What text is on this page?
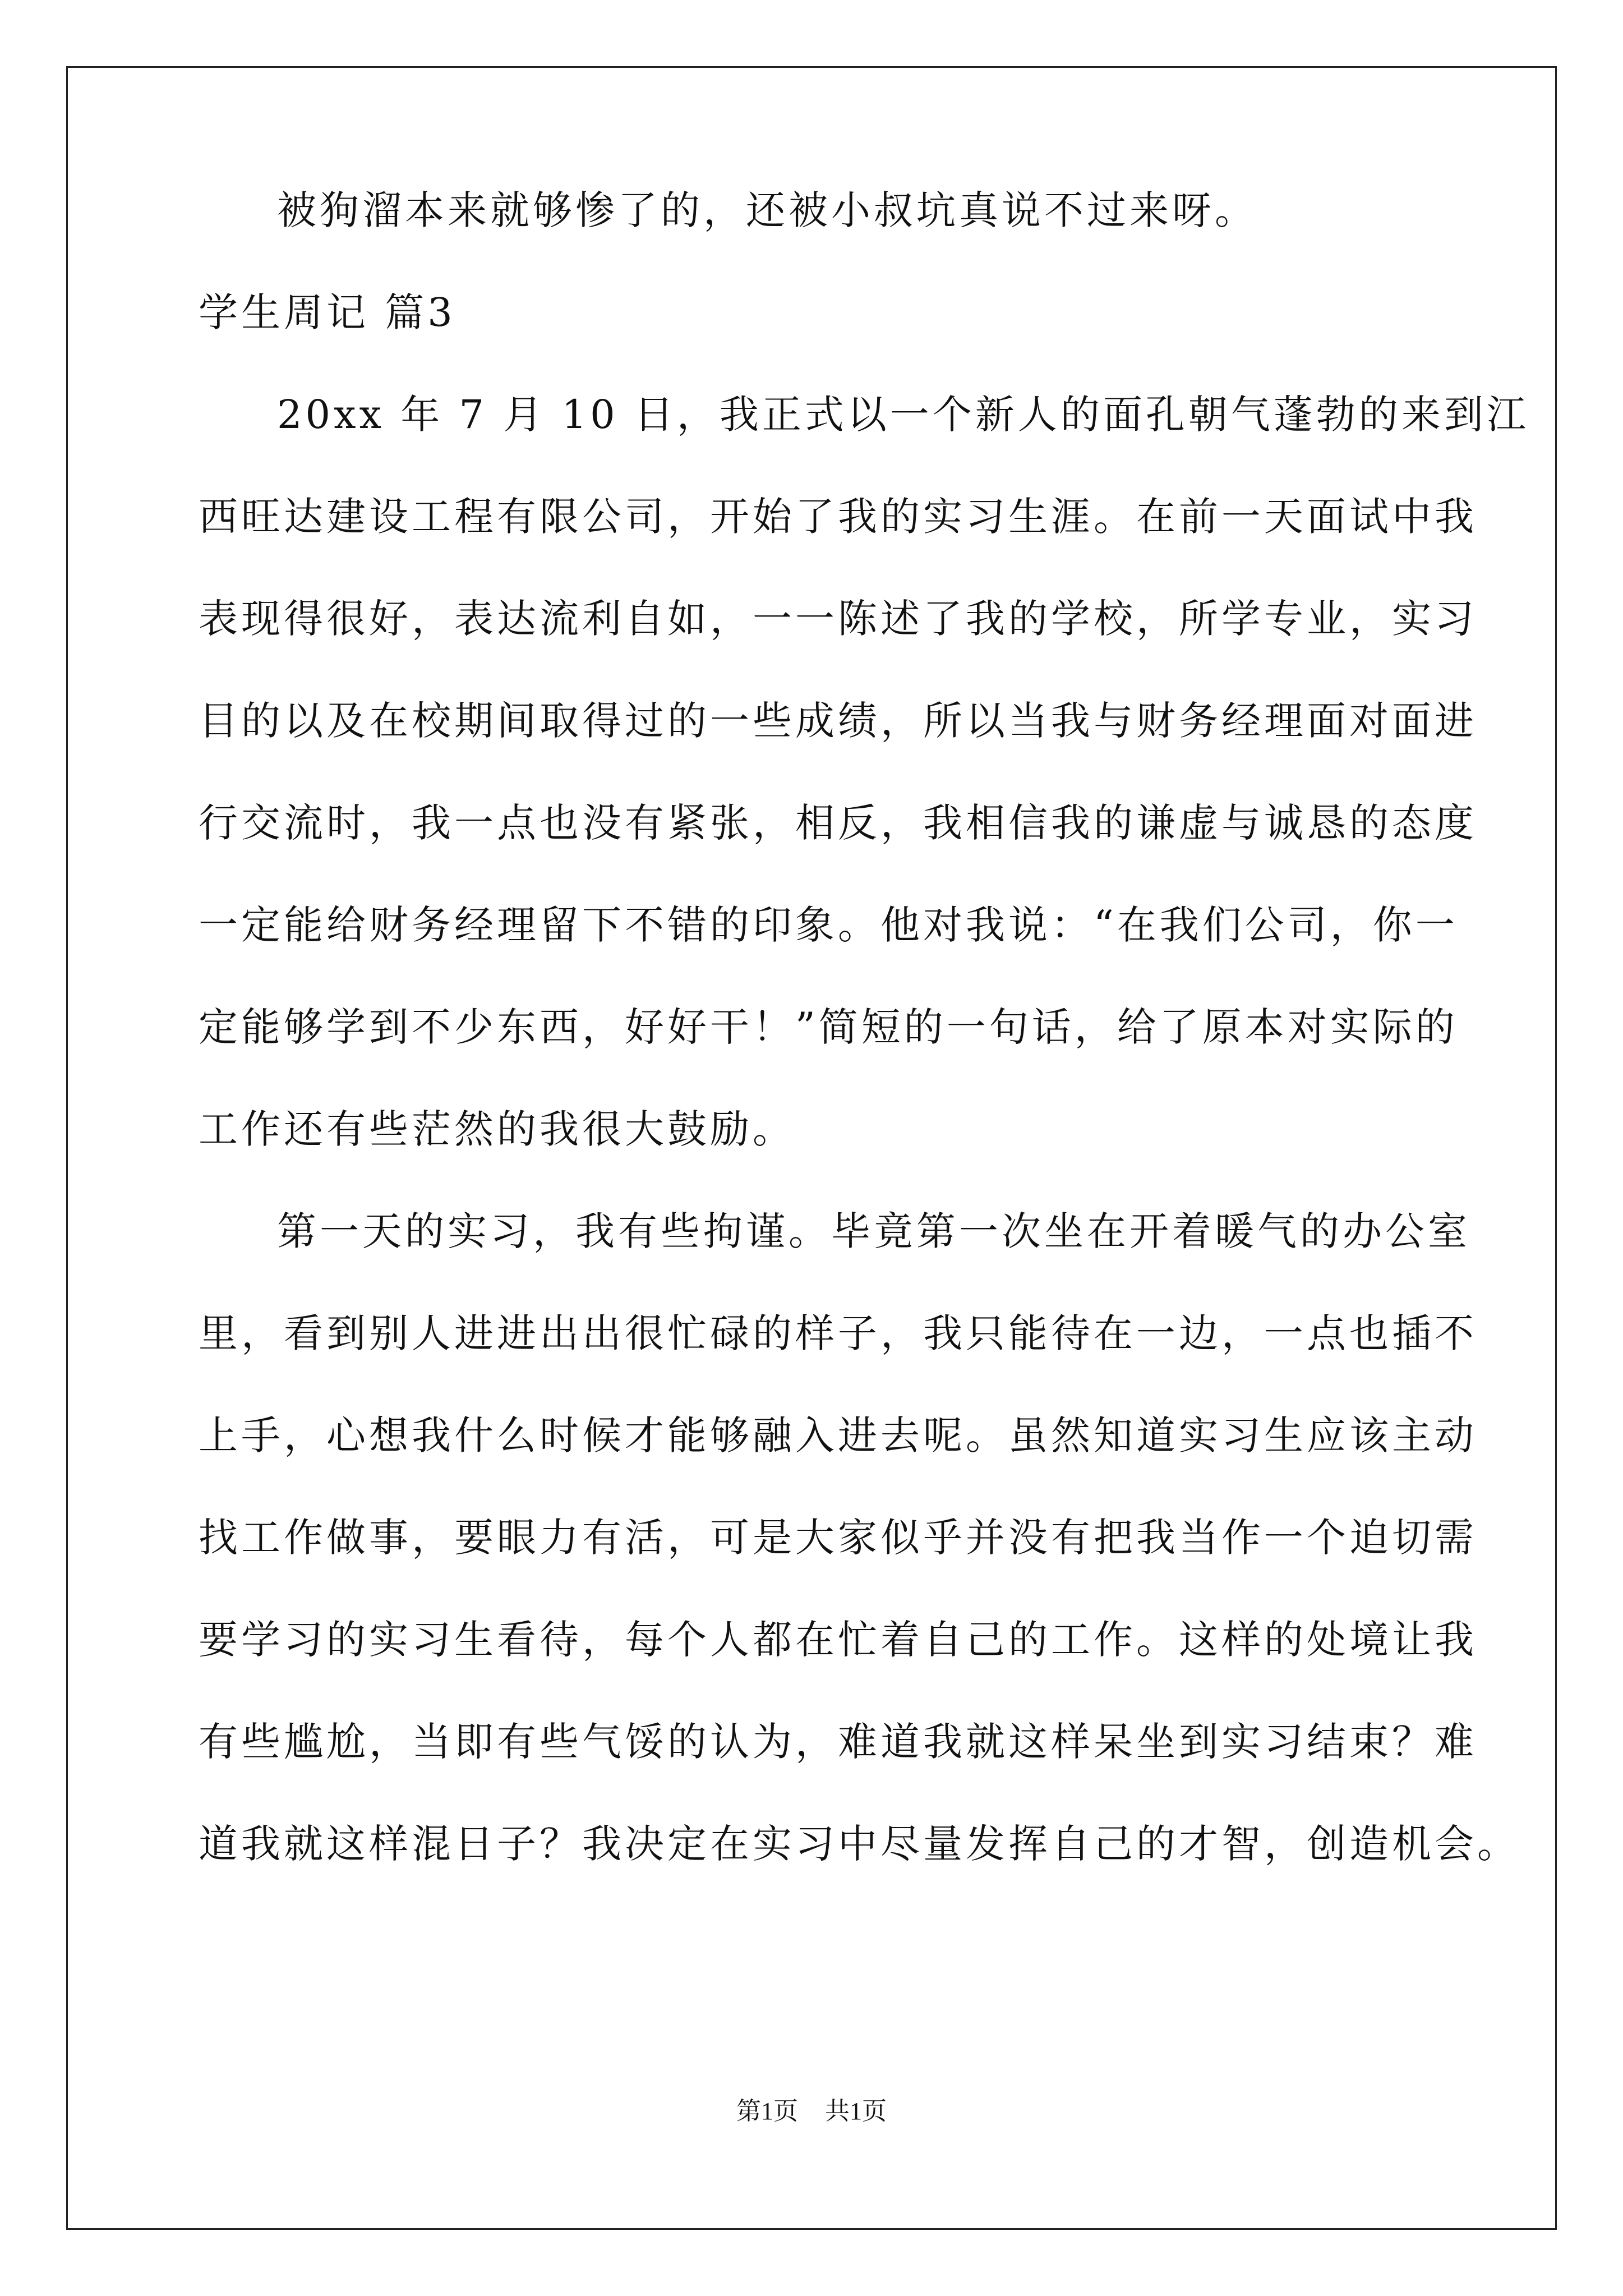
被狗溜本来就够惨了的，还被小叔坑真说不过来呀。
学生周记 篇3
20xx 年 7 月 10 日，我正式以一个新人的面孔朝气蓬勃的来到江
西旺达建设工程有限公司，开始了我的实习生涯。在前一天面试中我
表现得很好，表达流利自如，一一陈述了我的学校，所学专业，实习
目的以及在校期间取得过的一些成绩，所以当我与财务经理面对面进
行交流时，我一点也没有紧张，相反，我相信我的谦虚与诚恳的态度
一定能给财务经理留下不错的印象。他对我说：“在我们公司，你一
定能够学到不少东西，好好干！”简短的一句话，给了原本对实际的
工作还有些茫然的我很大鼓励。
第一天的实习，我有些拘谨。毕竟第一次坐在开着暖气的办公室
里，看到别人进进出出很忙碌的样子，我只能待在一边，一点也插不
上手，心想我什么时候才能够融入进去呢。虽然知道实习生应该主动
找工作做事，要眼力有活，可是大家似乎并没有把我当作一个迫切需
要学习的实习生看待，每个人都在忙着自己的工作。这样的处境让我
有些尴尬，当即有些气馁的认为，难道我就这样呆坐到实习结束？难
道我就这样混日子？我决定在实习中尽量发挥自己的才智，创造机会。
第1页 共1页
